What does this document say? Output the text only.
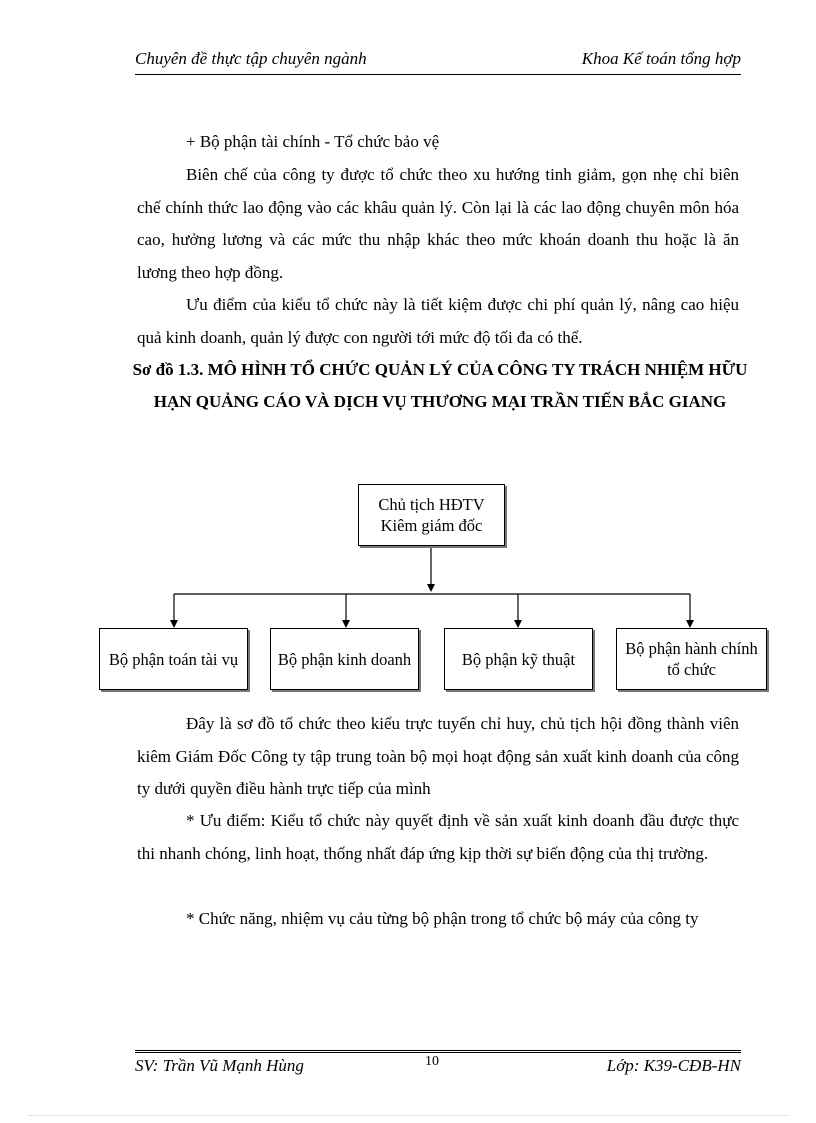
Chuyên đề thực tập chuyên ngành	Khoa Kế toán tổng hợp

+ Bộ phận tài chính - Tổ chức bảo vệ

Biên chế của công ty được tổ chức theo xu hướng tinh giảm, gọn nhẹ chỉ biên chế chính thức lao động vào các khâu quản lý. Còn lại là các lao động chuyên môn hóa cao, hưởng lương và các mức thu nhập khác theo mức khoán doanh thu hoặc là ăn lương theo hợp đồng.

Ưu điểm của kiểu tổ chức này là tiết kiệm được chi phí quản lý, nâng cao hiệu quả kinh doanh, quản lý được con người tới mức độ tối đa có thể.

Sơ đồ 1.3. MÔ HÌNH TỔ CHỨC QUẢN LÝ CỦA CÔNG TY TRÁCH NHIỆM HỮU HẠN QUẢNG CÁO VÀ DỊCH VỤ THƯƠNG MẠI TRẦN TIẾN BẮC GIANG

Chủ tịch HĐTV
Kiêm giám đốc
Bộ phận toán tài vụ	Bộ phận kinh doanh	Bộ phận kỹ thuật
Bộ phận hành chính tổ chức

Đây là sơ đồ tổ chức theo kiểu trực tuyến chỉ huy, chủ tịch hội đồng thành viên kiêm Giám Đốc Công ty tập trung toàn bộ mọi hoạt động sản xuất kinh doanh của công ty dưới quyền điều hành trực tiếp của mình

* Ưu điểm: Kiểu tổ chức này quyết định về sản xuất kinh doanh đầu được thực thi nhanh chóng, linh hoạt, thống nhất đáp ứng kịp thời sự biến động của thị trường.

* Chức năng, nhiệm vụ cảu từng bộ phận trong tổ chức bộ máy của công ty

SV: Trần Vũ Mạnh Hùng	10	Lớp: K39-CĐB-HN
